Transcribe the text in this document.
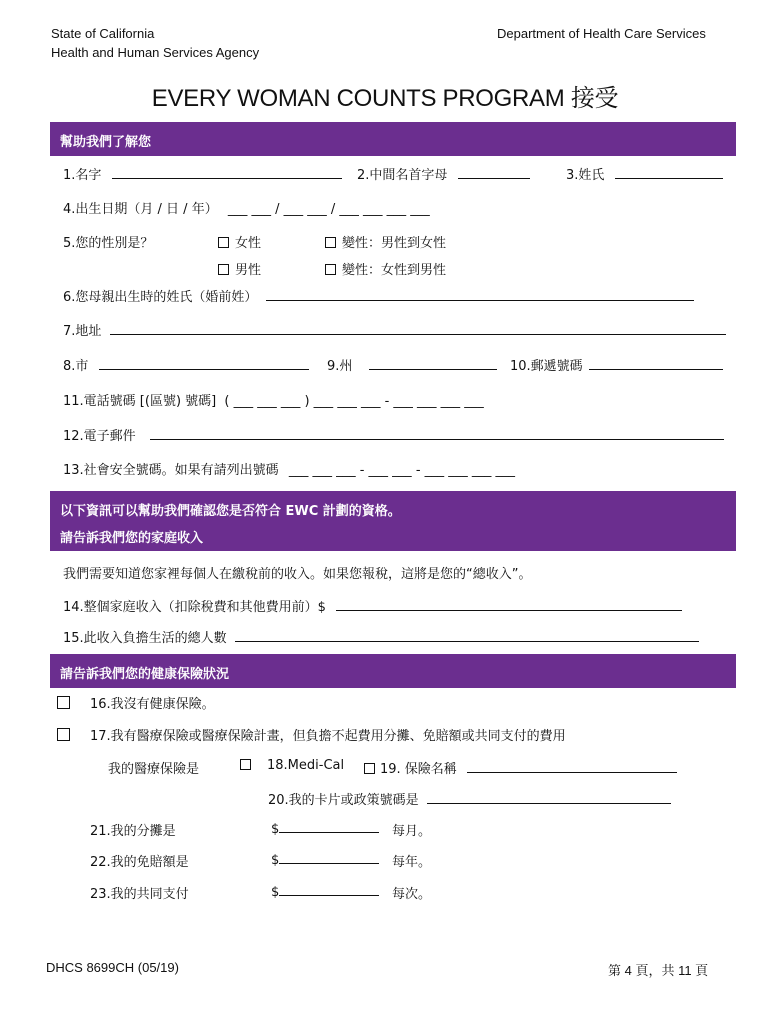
State of California
Health and Human Services Agency
Department of Health Care Services
EVERY WOMAN COUNTS PROGRAM 接受
幫助我們了解您
1.名字	2.中間名首字母	3.姓氏
4.出生日期（月 / 日 / 年） ___ ___ / ___ ___ / ___ ___ ___ ___
5.您的性別是？	女性	變性：男性到女性
男性	變性：女性到男性
6.您母親出生時的姓氏（婚前姓）
7.地址
8.市	9.州	10.郵遞號碼
11.電話號碼 [(區號) 號碼] ( ___ ___ ___ ) ___ ___ ___ - ___ ___ ___ ___
12.電子郵件
13.社會安全號碼。如果有請列出號碼 ___ ___ ___ - ___ ___ - ___ ___ ___ ___
以下資訊可以幫助我們確認您是否符合 EWC 計劃的資格。
請告訴我們您的家庭收入
我們需要知道您家裡每個人在繳稅前的收入。如果您報稅，這將是您的“總收入”。
14.整個家庭收入（扣除稅費和其他費用前）$
15.此收入負擔生活的總人數
請告訴我們您的健康保險狀況
16.我沒有健康保險。
17.我有醫療保險或醫療保險計畫，但負擔不起費用分攤、免賠額或共同支付的費用
我的醫療保險是	18.Medi-Cal	19. 保險名稱
20.我的卡片或政策號碼是
21.我的分攤是	$	每月。
22.我的免賠額是	$	每年。
23.我的共同支付	$	每次。
DHCS 8699CH (05/19)	第 4 頁，共 11 頁
